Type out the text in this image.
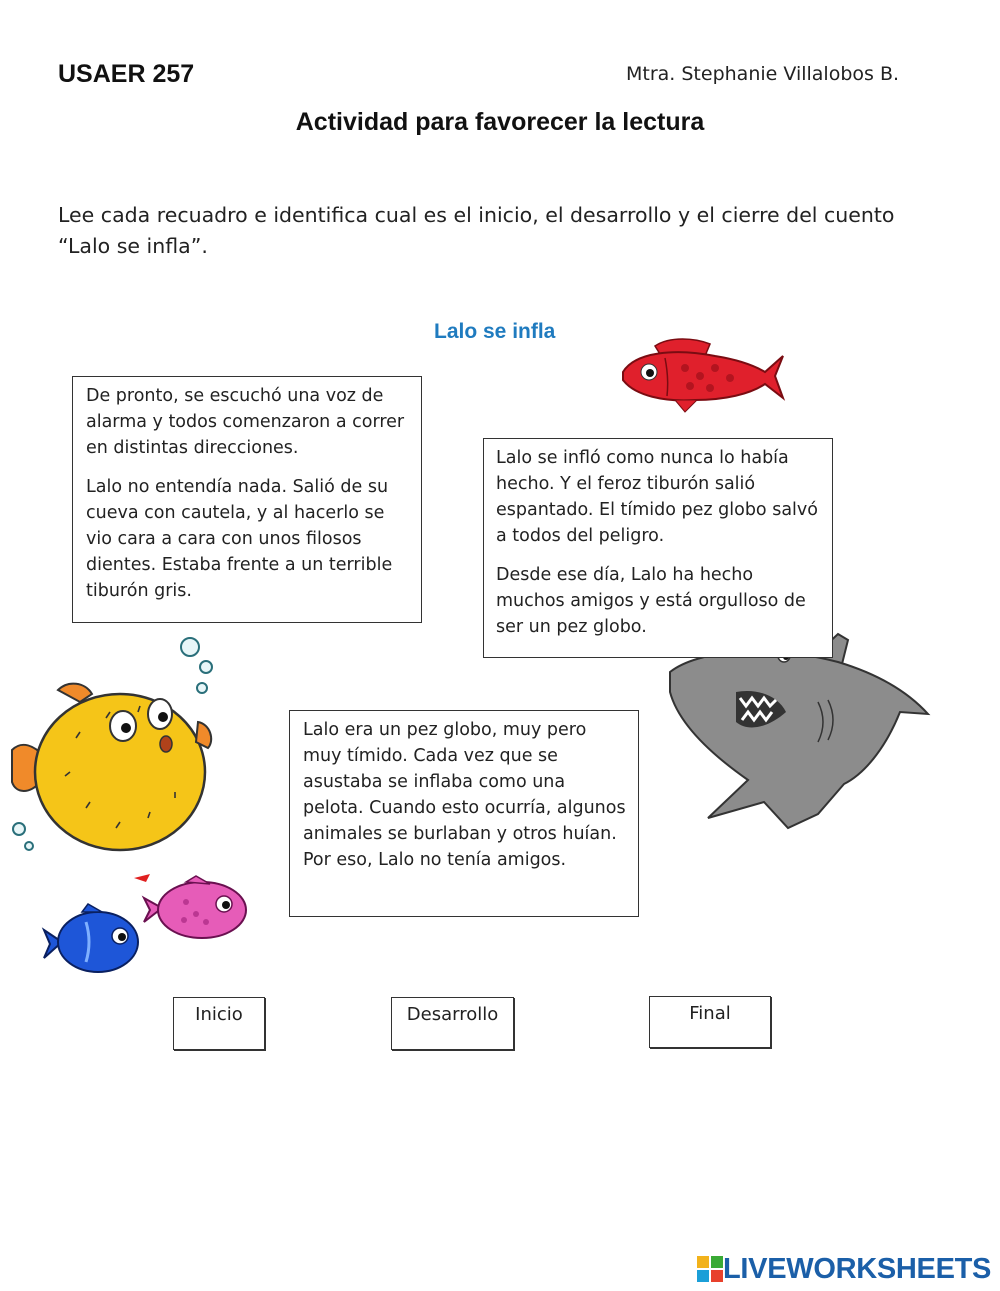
USAER 257	Mtra. Stephanie Villalobos B.
Actividad para favorecer la lectura
Lee cada recuadro e identifica cual es el inicio, el desarrollo y el cierre del cuento “Lalo se infla”.
Lalo se infla

De pronto, se escuchó una voz de alarma y todos comenzaron a correr en distintas direcciones.

Lalo no entendía nada. Salió de su cueva con cautela, y al hacerlo se vio cara a cara con unos filosos dientes. Estaba frente a un terrible tiburón gris.

Lalo se infló como nunca lo había hecho. Y el feroz tiburón salió espantado. El tímido pez globo salvó a todos del peligro.

Desde ese día, Lalo ha hecho muchos amigos y está orgulloso de ser un pez globo.

Lalo era un pez globo, muy pero muy tímido. Cada vez que se asustaba se inflaba como una pelota. Cuando esto ocurría, algunos animales se burlaban y otros huían. Por eso, Lalo no tenía amigos.

Inicio	Desarrollo	Final
LIVEWORKSHEETS
